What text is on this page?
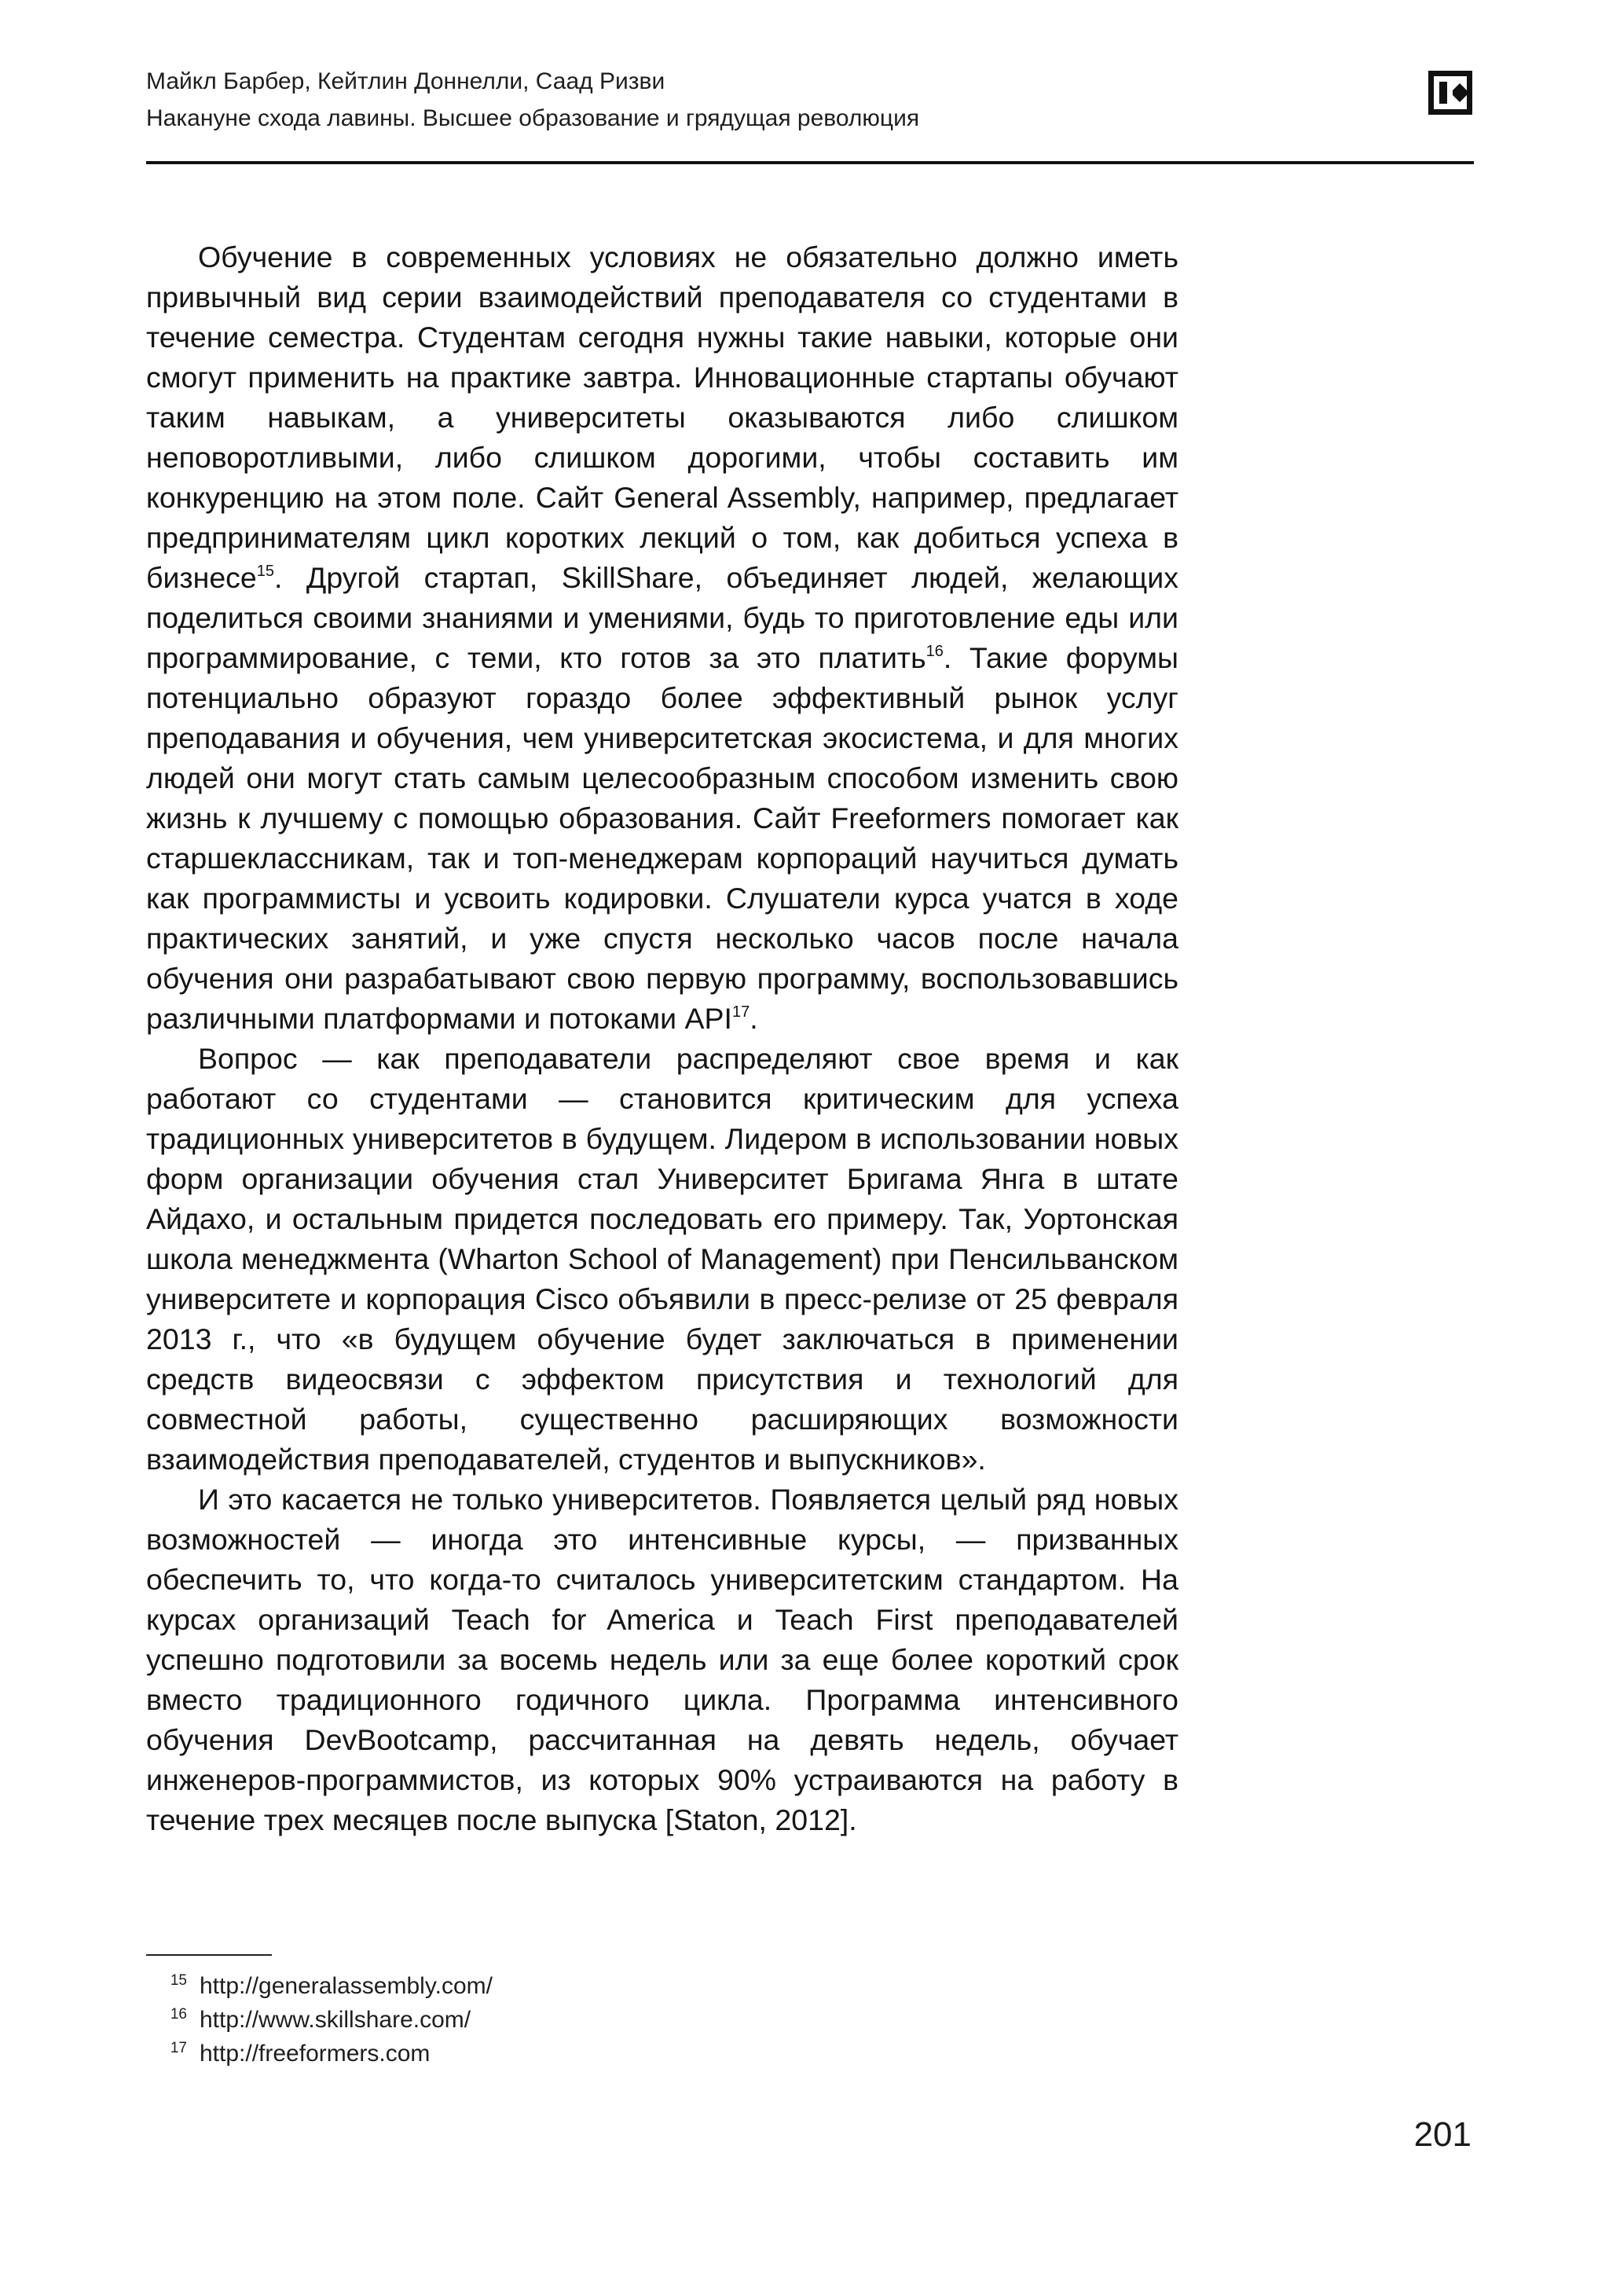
Майкл Барбер, Кейтлин Доннелли, Саад Ризви
Накануне схода лавины. Высшее образование и грядущая революция

Обучение в современных условиях не обязательно должно иметь привычный вид серии взаимодействий преподавателя со студентами в течение семестра. Студентам сегодня нужны такие навыки, которые они смогут применить на практике завтра. Инновационные стартапы обучают таким навыкам, а университеты оказываются либо слишком неповоротливыми, либо слишком дорогими, чтобы составить им конкуренцию на этом поле. Сайт General Assembly, например, предлагает предпринимателям цикл коротких лекций о том, как добиться успеха в бизнесе$^{15}$. Другой стартап, SkillShare, объединяет людей, желающих поделиться своими знаниями и умениями, будь то приготовление еды или программирование, с теми, кто готов за это платить$^{16}$. Такие форумы потенциально образуют гораздо более эффективный рынок услуг преподавания и обучения, чем университетская экосистема, и для многих людей они могут стать самым целесообразным способом изменить свою жизнь к лучшему с помощью образования. Сайт Freeformers помогает как старшеклассникам, так и топ-менеджерам корпораций научиться думать как программисты и усвоить кодировки. Слушатели курса учатся в ходе практических занятий, и уже спустя несколько часов после начала обучения они разрабатывают свою первую программу, воспользовавшись различными платформами и потоками API$^{17}$.

Вопрос — как преподаватели распределяют свое время и как работают со студентами — становится критическим для успеха традиционных университетов в будущем. Лидером в использовании новых форм организации обучения стал Университет Бригама Янга в штате Айдахо, и остальным придется последовать его примеру. Так, Уортонская школа менеджмента (Wharton School of Management) при Пенсильванском университете и корпорация Cisco объявили в пресс-релизе от 25 февраля 2013 г., что «в будущем обучение будет заключаться в применении средств видеосвязи с эффектом присутствия и технологий для совместной работы, существенно расширяющих возможности взаимодействия преподавателей, студентов и выпускников».

И это касается не только университетов. Появляется целый ряд новых возможностей — иногда это интенсивные курсы, — призванных обеспечить то, что когда-то считалось университетским стандартом. На курсах организаций Teach for America и Teach First преподавателей успешно подготовили за восемь недель или за еще более короткий срок вместо традиционного годичного цикла. Программа интенсивного обучения DevBootcamp, рассчитанная на девять недель, обучает инженеров-программистов, из которых 90% устраиваются на работу в течение трех месяцев после выпуска [Staton, 2012].

15 http://generalassembly.com/
16 http://www.skillshare.com/
17 http://freeformers.com
201
